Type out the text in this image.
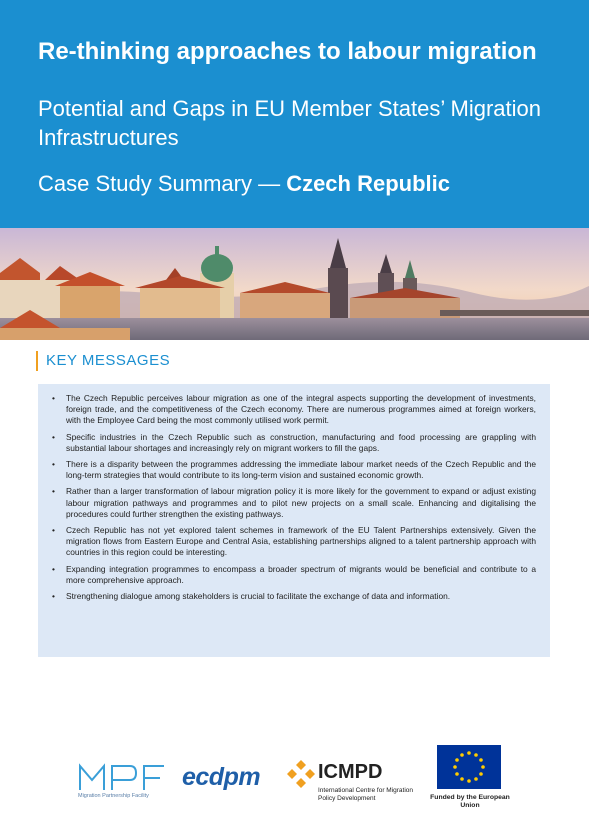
Re-thinking approaches to labour migration
Potential and Gaps in EU Member States’ Migration Infrastructures
Case Study Summary — Czech Republic
KEY MESSAGES
• The Czech Republic perceives labour migration as one of the integral aspects supporting the development of investments, foreign trade, and the competitiveness of the Czech economy. There are numerous programmes aimed at foreign workers, with the Employee Card being the most commonly utilised work permit.
• Specific industries in the Czech Republic such as construction, manufacturing and food processing are grappling with substantial labour shortages and increasingly rely on migrant workers to fill the gaps.
• There is a disparity between the programmes addressing the immediate labour market needs of the Czech Republic and the long-term strategies that would contribute to its long-term vision and sustained economic growth.
• Rather than a larger transformation of labour migration policy it is more likely for the government to expand or adjust existing labour migration pathways and programmes and to pilot new projects on a small scale. Enhancing and digitalising the procedures could further strengthen the existing pathways.
• Czech Republic has not yet explored talent schemes in framework of the EU Talent Partnerships extensively. Given the migration flows from Eastern Europe and Central Asia, establishing partnerships aligned to a talent partnership approach with countries in this region could be interesting.
• Expanding integration programmes to encompass a broader spectrum of migrants would be beneficial and contribute to a more comprehensive approach.
• Strengthening dialogue among stakeholders is crucial to facilitate the exchange of data and information.
Migration Partnership Facility
ecdpm	ICMPD
International Centre for Migration Policy Development	Funded by the European Union
